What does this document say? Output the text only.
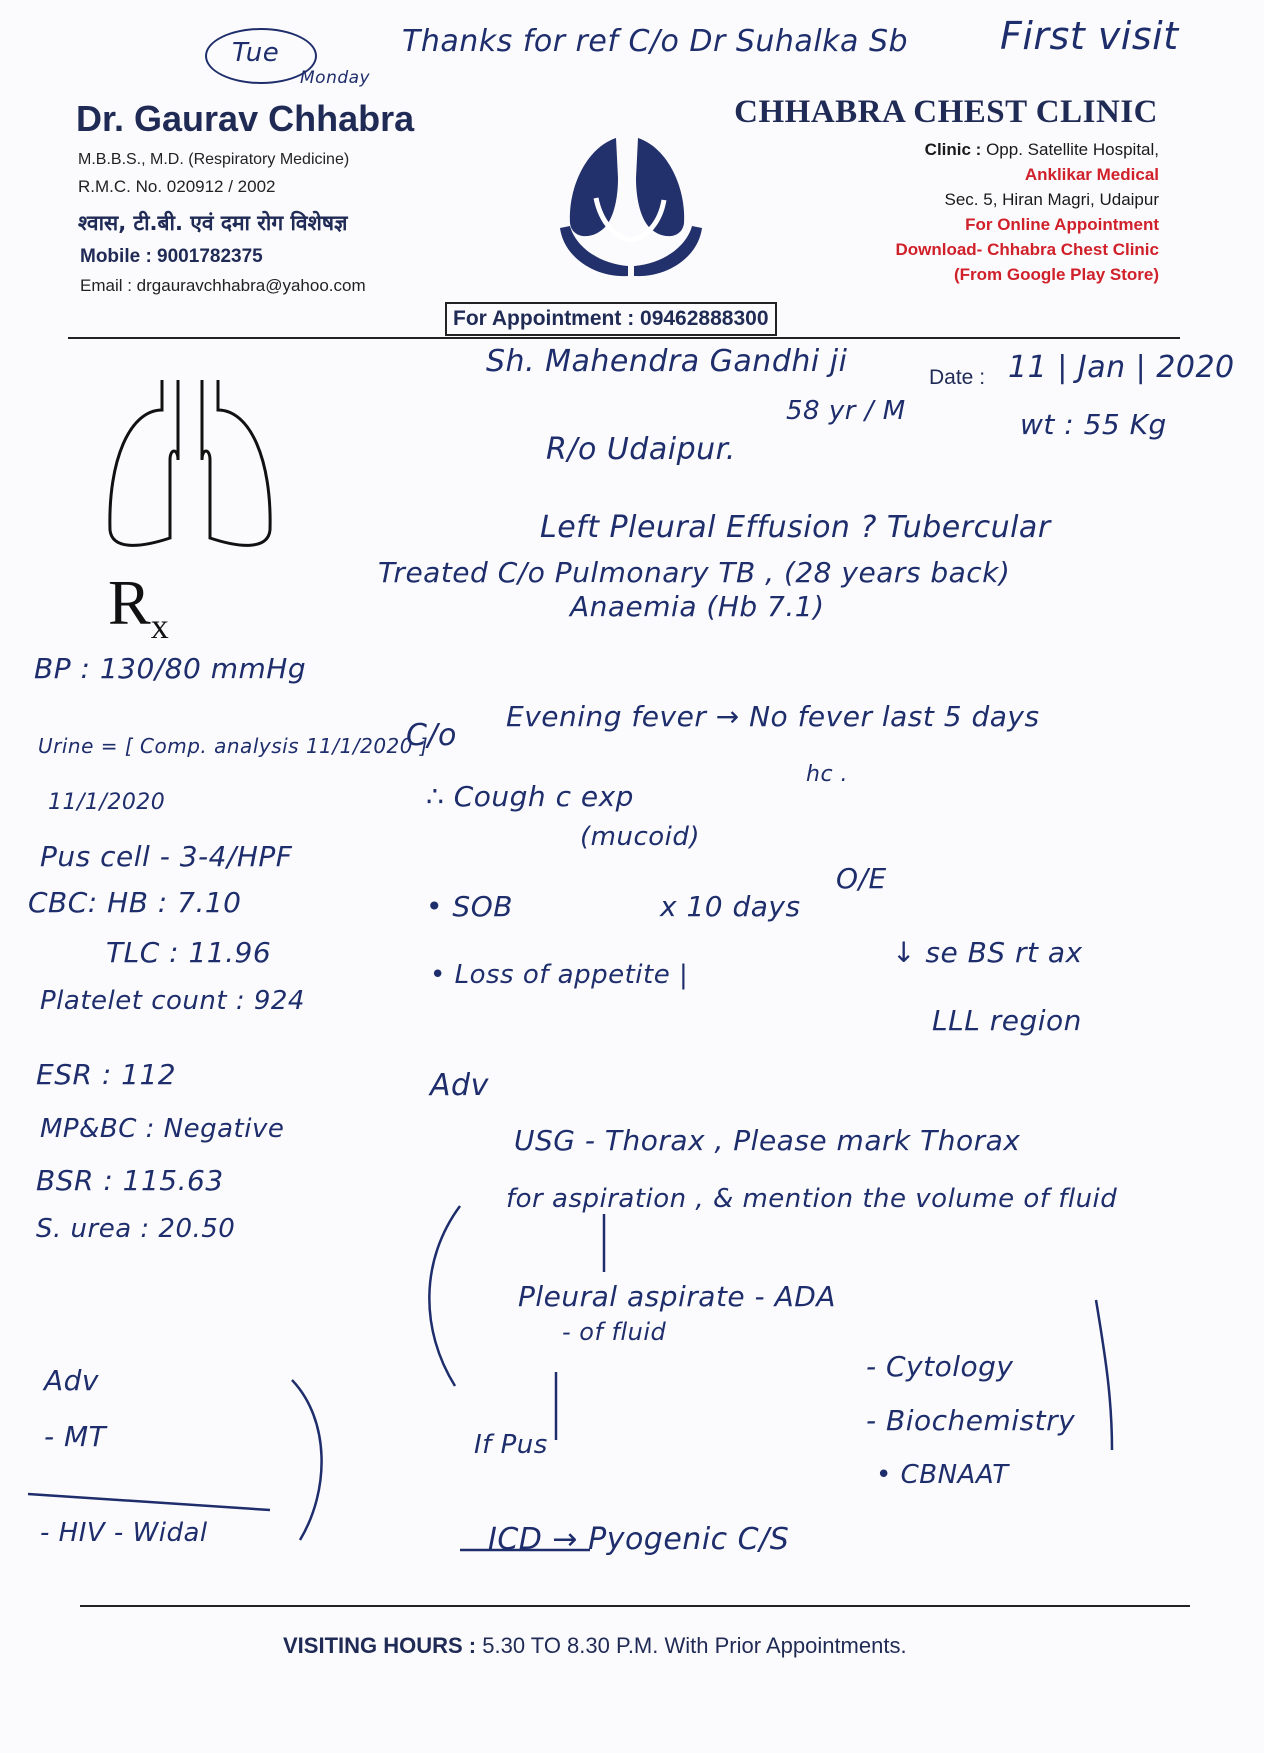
Tue	Thanks for ref C/o Dr Suhalka Sb
Monday
First visit
Dr. Gaurav Chhabra
M.B.B.S., M.D. (Respiratory Medicine)
R.M.C. No. 020912 / 2002
श्वास, टी.बी. एवं दमा रोग विशेषज्ञ
Mobile : 9001782375
Email : drgauravchhabra@yahoo.com
CHHABRA CHEST CLINIC
Clinic : Opp. Satellite Hospital,
Anklikar Medical
Sec. 5, Hiran Magri, Udaipur
For Online Appointment
Download- Chhabra Chest Clinic
(From Google Play Store)
For Appointment : 09462888300
$R_x$
Sh. Mahendra Gandhi ji	Date : 11 | Jan | 2020
58 yr / M	wt : 55 Kg
R/o Udaipur.
Left Pleural Effusion ? Tubercular
Treated C/o Pulmonary TB , (28 years back)
Anaemia (Hb 7.1)
BP : 130/80 mmHg
Urine = [ Comp. analysis 11/1/2020 ]
11/1/2020
Pus cell - 3-4/HPF
CBC: HB : 7.10
TLC : 11.96
Platelet count : 924
ESR : 112
MP&BC : Negative
BSR : 115.63
S. urea : 20.50
C/o
Evening fever → No fever last 5 days
∴ Cough c exp
hc .
(mucoid)
O/E
• SOB	x 10 days
↓ se BS rt ax
• Loss of appetite |
LLL region
Adv
USG - Thorax , Please mark Thorax
for aspiration , & mention the volume of fluid
Pleural aspirate - ADA
- of fluid
- Cytology
- Biochemistry
• CBNAAT
If Pus
ICD → Pyogenic C/S
Adv
- MT
- HIV - Widal
VISITING HOURS : 5.30 TO 8.30 P.M. With Prior Appointments.
